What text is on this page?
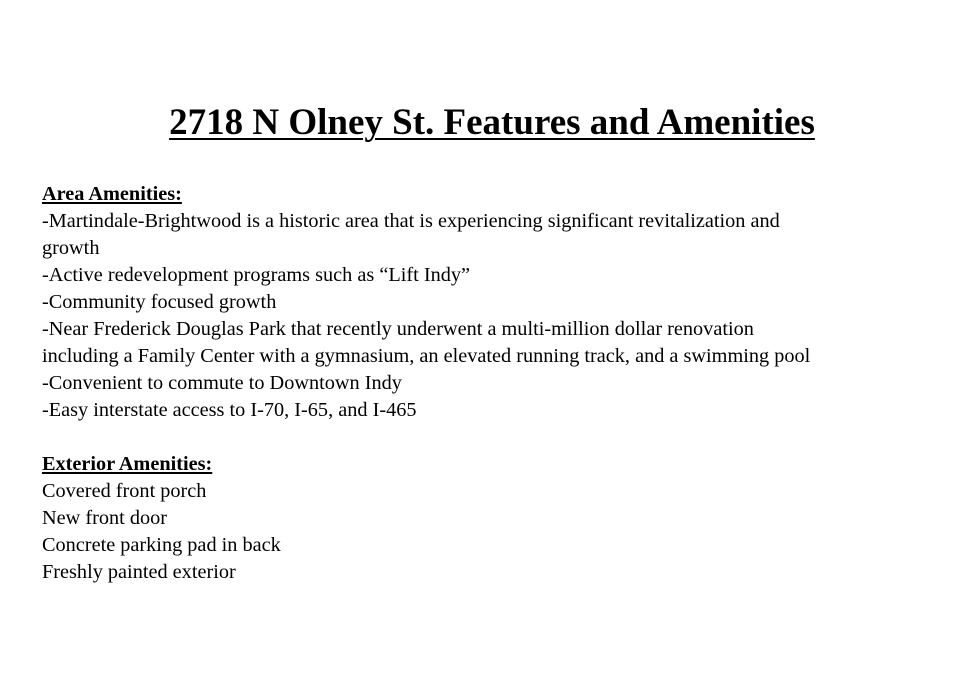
2718 N Olney St. Features and Amenities

Area Amenities:

-Martindale-Brightwood is a historic area that is experiencing significant revitalization and

growth

-Active redevelopment programs such as “Lift Indy”

-Community focused growth

-Near Frederick Douglas Park that recently underwent a multi-million dollar renovation

including a Family Center with a gymnasium, an elevated running track, and a swimming pool

-Convenient to commute to Downtown Indy

-Easy interstate access to I-70, I-65, and I-465

Exterior Amenities:

Covered front porch

New front door

Concrete parking pad in back

Freshly painted exterior
